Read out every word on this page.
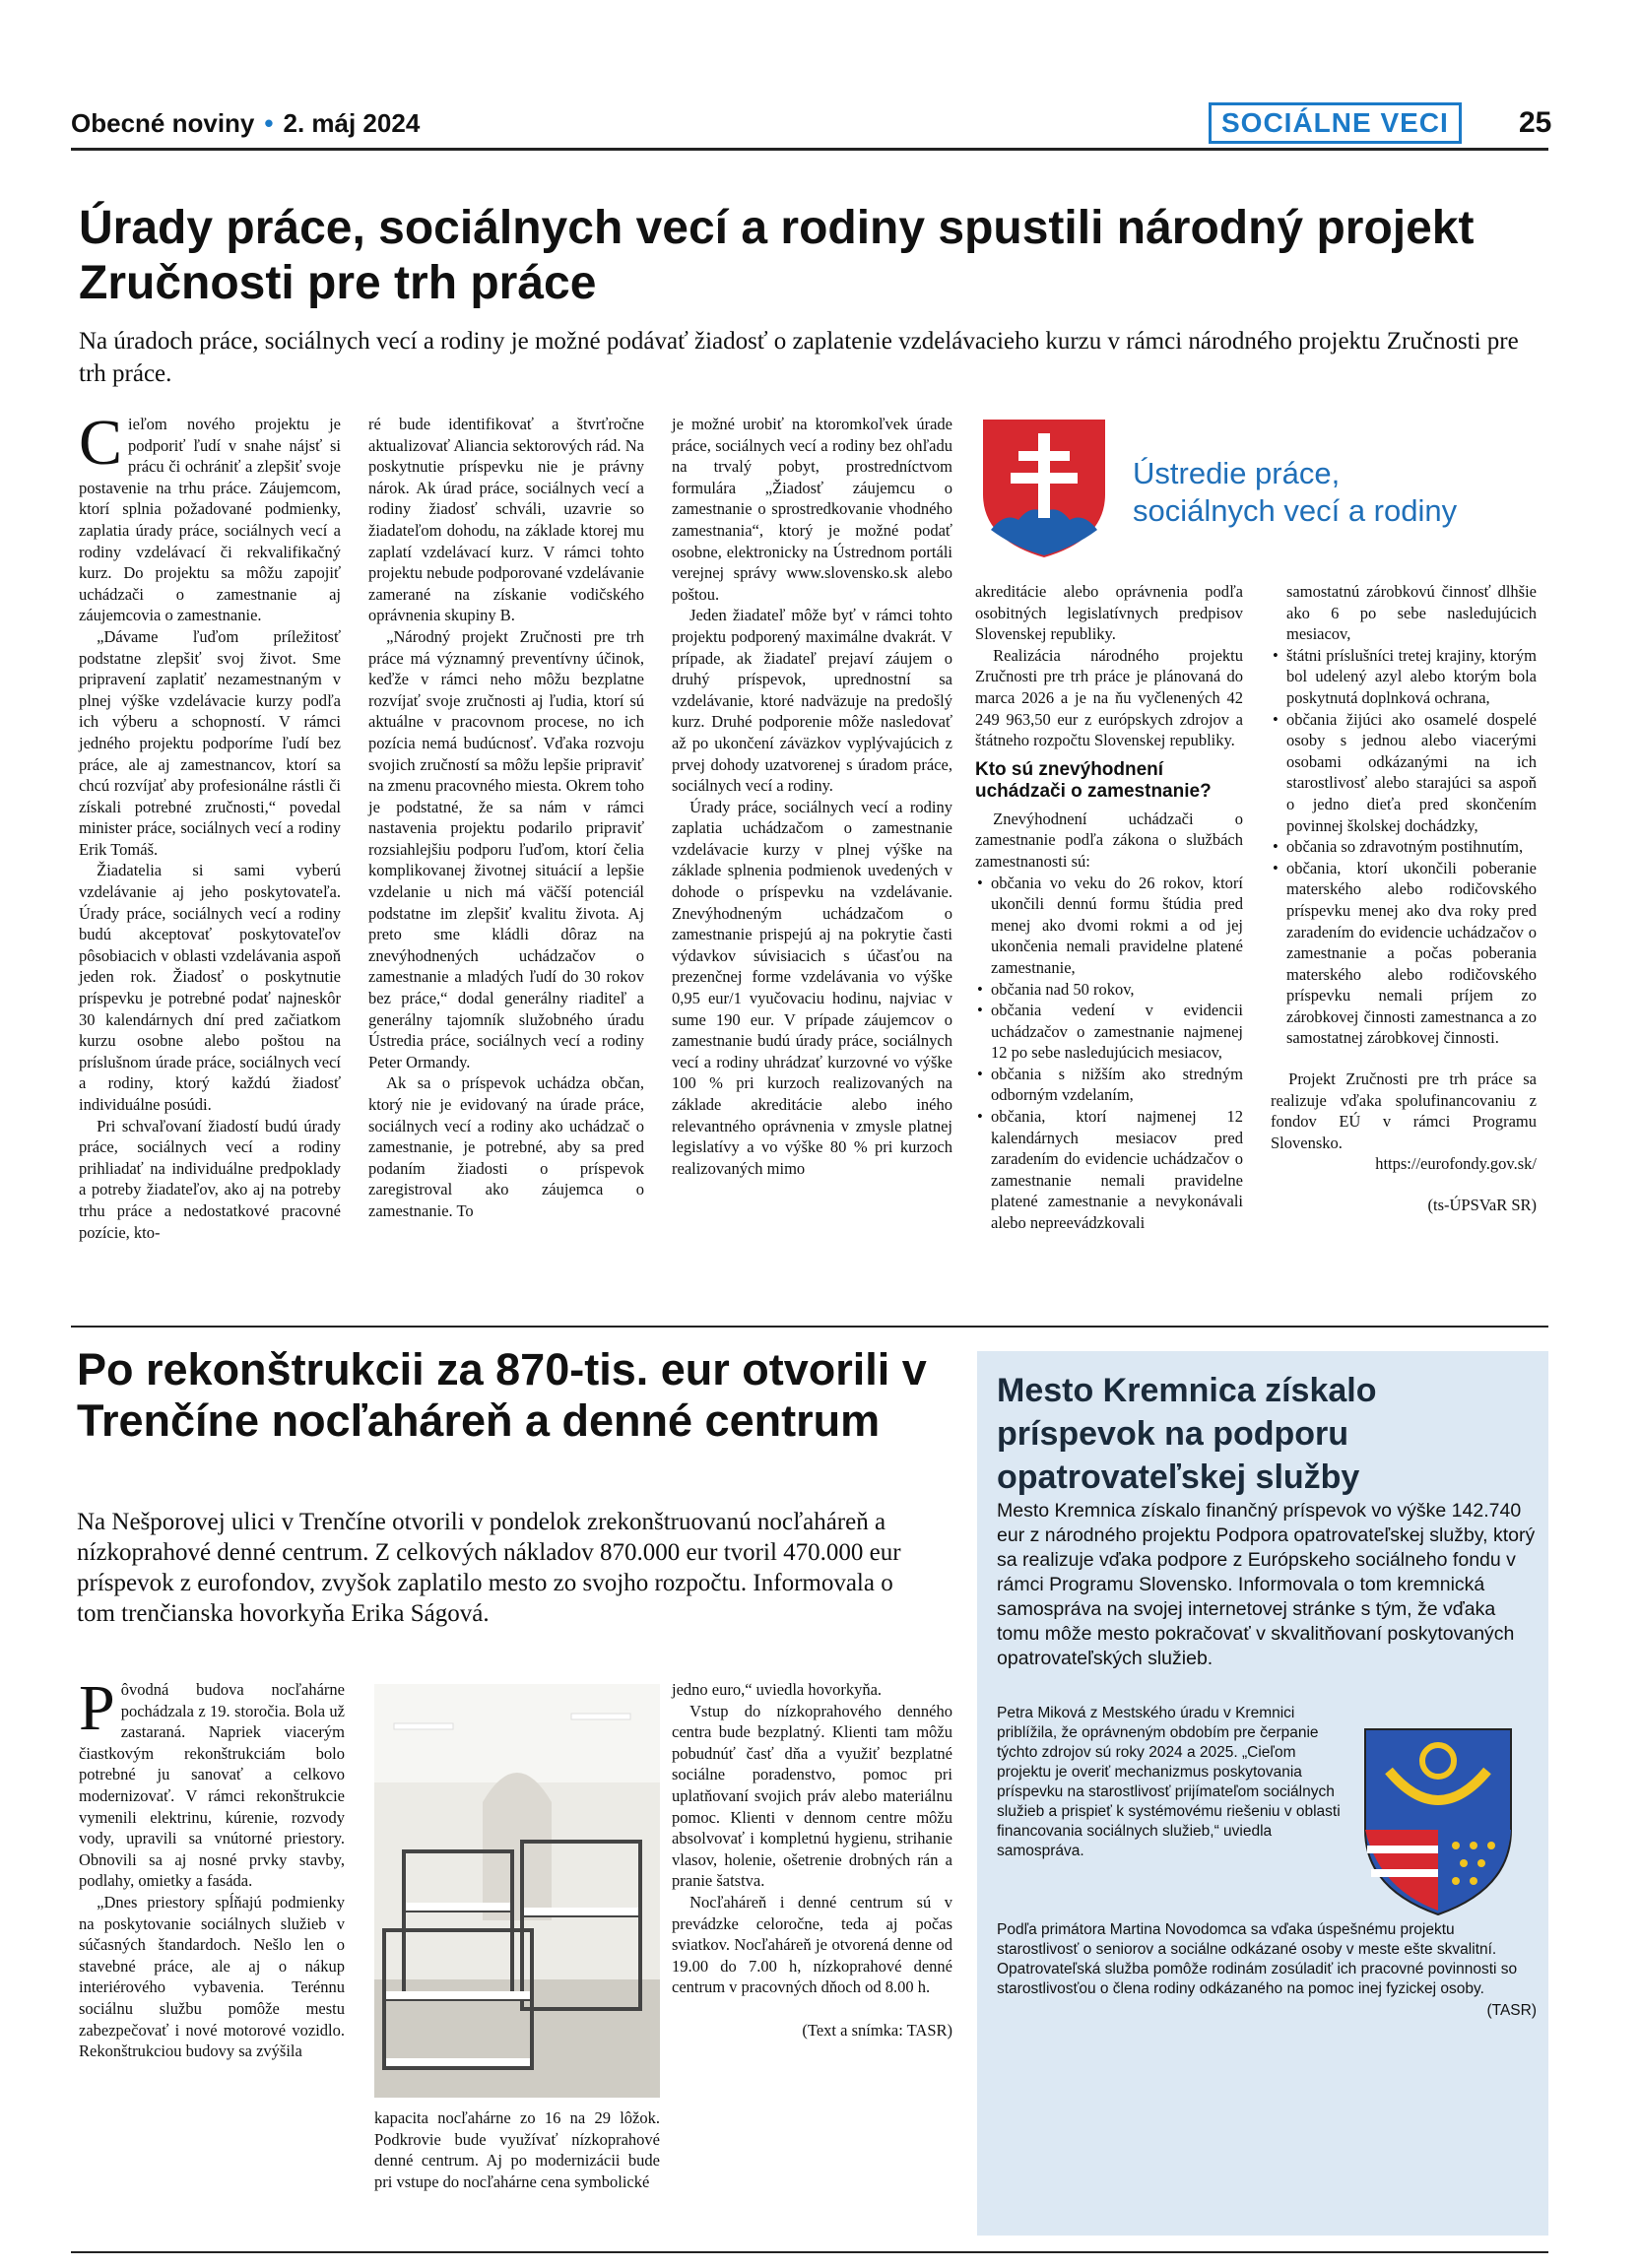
Obecné noviny • 2. máj 2024	SOCIÁLNE VECI	25
Úrady práce, sociálnych vecí a rodiny spustili národný projekt Zručnosti pre trh práce
Na úradoch práce, sociálnych vecí a rodiny je možné podávať žiadosť o zaplatenie vzdelávacieho kurzu v rámci národného projektu Zručnosti pre trh práce.

Cieľom nového projektu je podporiť ľudí v snahe nájsť si prácu či ochrániť a zlepšiť svoje postavenie na trhu práce. Záujemcom, ktorí splnia požadované podmienky, zaplatia úrady práce, sociálnych vecí a rodiny vzdelávací či rekvalifikačný kurz. Do projektu sa môžu zapojiť uchádzači o zamestnanie aj záujemcovia o zamestnanie.

„Dávame ľuďom príležitosť podstatne zlepšiť svoj život. Sme pripravení zaplatiť nezamestnaným v plnej výške vzdelávacie kurzy podľa ich výberu a schopností. V rámci jedného projektu podporíme ľudí bez práce, ale aj zamestnancov, ktorí sa chcú rozvíjať aby profesionálne rástli či získali potrebné zručnosti,“ povedal minister práce, sociálnych vecí a rodiny Erik Tomáš.

Žiadatelia si sami vyberú vzdelávanie aj jeho poskytovateľa. Úrady práce, sociálnych vecí a rodiny budú akceptovať poskytovateľov pôsobiacich v oblasti vzdelávania aspoň jeden rok. Žiadosť o poskytnutie príspevku je potrebné podať najneskôr 30 kalendárnych dní pred začiatkom kurzu osobne alebo poštou na príslušnom úrade práce, sociálnych vecí a rodiny, ktorý každú žiadosť individuálne posúdi.

Pri schvaľovaní žiadostí budú úrady práce, sociálnych vecí a rodiny prihliadať na individuálne predpoklady a potreby žiadateľov, ako aj na potreby trhu práce a nedostatkové pracovné pozície, kto-

ré bude identifikovať a štvrťročne aktualizovať Aliancia sektorových rád. Na poskytnutie príspevku nie je právny nárok. Ak úrad práce, sociálnych vecí a rodiny žiadosť schváli, uzavrie so žiadateľom dohodu, na základe ktorej mu zaplatí vzdelávací kurz. V rámci tohto projektu nebude podporované vzdelávanie zamerané na získanie vodičského oprávnenia skupiny B.

„Národný projekt Zručnosti pre trh práce má významný preventívny účinok, keďže v rámci neho môžu bezplatne rozvíjať svoje zručnosti aj ľudia, ktorí sú aktuálne v pracovnom procese, no ich pozícia nemá budúcnosť. Vďaka rozvoju svojich zručností sa môžu lepšie pripraviť na zmenu pracovného miesta. Okrem toho je podstatné, že sa nám v rámci nastavenia projektu podarilo pripraviť rozsiahlejšiu podporu ľuďom, ktorí čelia komplikovanej životnej situácií a lepšie vzdelanie u nich má väčší potenciál podstatne im zlepšiť kvalitu života. Aj preto sme kládli dôraz na znevýhodnených uchádzačov o zamestnanie a mladých ľudí do 30 rokov bez práce,“ dodal generálny riaditeľ a generálny tajomník služobného úradu Ústredia práce, sociálnych vecí a rodiny Peter Ormandy.

Ak sa o príspevok uchádza občan, ktorý nie je evidovaný na úrade práce, sociálnych vecí a rodiny ako uchádzač o zamestnanie, je potrebné, aby sa pred podaním žiadosti o príspevok zaregistroval ako záujemca o zamestnanie. To

je možné urobiť na ktoromkoľvek úrade práce, sociálnych vecí a rodiny bez ohľadu na trvalý pobyt, prostredníctvom formulára „Žiadosť záujemcu o zamestnanie o sprostredkovanie vhodného zamestnania“, ktorý je možné podať osobne, elektronicky na Ústrednom portáli verejnej správy www.slovensko.sk alebo poštou.

Jeden žiadateľ môže byť v rámci tohto projektu podporený maximálne dvakrát. V prípade, ak žiadateľ prejaví záujem o druhý príspevok, uprednostní sa vzdelávanie, ktoré nadväzuje na predošlý kurz. Druhé podporenie môže nasledovať až po ukončení záväzkov vyplývajúcich z prvej dohody uzatvorenej s úradom práce, sociálnych vecí a rodiny.

Úrady práce, sociálnych vecí a rodiny zaplatia uchádzačom o zamestnanie vzdelávacie kurzy v plnej výške na základe splnenia podmienok uvedených v dohode o príspevku na vzdelávanie. Znevýhodneným uchádzačom o zamestnanie prispejú aj na pokrytie časti výdavkov súvisiacich s účasťou na prezenčnej forme vzdelávania vo výške 0,95 eur/1 vyučovaciu hodinu, najviac v sume 190 eur. V prípade záujemcov o zamestnanie budú úrady práce, sociálnych vecí a rodiny uhrádzať kurzovné vo výške 100 % pri kurzoch realizovaných na základe akreditácie alebo iného relevantného oprávnenia v zmysle platnej legislatívy a vo výške 80 % pri kurzoch realizovaných mimo

Ústredie práce,
sociálnych vecí a rodiny

akreditácie alebo oprávnenia podľa osobitných legislatívnych predpisov Slovenskej republiky.

Realizácia národného projektu Zručnosti pre trh práce je plánovaná do marca 2026 a je na ňu vyčlenených 42 249 963,50 eur z európskych zdrojov a štátneho rozpočtu Slovenskej republiky.

Kto sú znevýhodnení uchádzači o zamestnanie?

Znevýhodnení uchádzači o zamestnanie podľa zákona o službách zamestnanosti sú:

• občania vo veku do 26 rokov, ktorí ukončili dennú formu štúdia pred menej ako dvomi rokmi a od jej ukončenia nemali pravidelne platené zamestnanie,
• občania nad 50 rokov,
• občania vedení v evidencii uchádzačov o zamestnanie najmenej 12 po sebe nasledujúcich mesiacov,
• občania s nižším ako stredným odborným vzdelaním,
• občania, ktorí najmenej 12 kalendárnych mesiacov pred zaradením do evidencie uchádzačov o zamestnanie nemali pravidelne platené zamestnanie a nevykonávali alebo nepreevádzkovali

samostatnú zárobkovú činnosť dlhšie ako 6 po sebe nasledujúcich mesiacov,

• štátni príslušníci tretej krajiny, ktorým bol udelený azyl alebo ktorým bola poskytnutá doplnková ochrana,
• občania žijúci ako osamelé dospelé osoby s jednou alebo viacerými osobami odkázanými na ich starostlivosť alebo starajúci sa aspoň o jedno dieťa pred skončením povinnej školskej dochádzky,
• občania so zdravotným postihnutím,
• občania, ktorí ukončili poberanie materského alebo rodičovského príspevku menej ako dva roky pred zaradením do evidencie uchádzačov o zamestnanie a počas poberania materského alebo rodičovského príspevku nemali príjem zo zárobkovej činnosti zamestnanca a zo samostatnej zárobkovej činnosti.

Projekt Zručnosti pre trh práce sa realizuje vďaka spolufinancovaniu z fondov EÚ v rámci Programu Slovensko.

https://eurofondy.gov.sk/

(ts-ÚPSVaR SR)

Po rekonštrukcii za 870-tis. eur otvorili v Trenčíne nocľaháreň a denné centrum
Na Nešporovej ulici v Trenčíne otvorili v pondelok zrekonštruovanú nocľaháreň a nízkoprahové denné centrum. Z celkových nákladov 870.000 eur tvoril 470.000 eur príspevok z eurofondov, zvyšok zaplatilo mesto zo svojho rozpočtu. Informovala o tom trenčianska hovorkyňa Erika Ságová.

Pôvodná budova nocľahárne pochádzala z 19. storočia. Bola už zastaraná. Napriek viacerým čiastkovým rekonštrukciám bolo potrebné ju sanovať a celkovo modernizovať. V rámci rekonštrukcie vymenili elektrinu, kúrenie, rozvody vody, upravili sa vnútorné priestory. Obnovili sa aj nosné prvky stavby, podlahy, omietky a fasáda.

„Dnes priestory spĺňajú podmienky na poskytovanie sociálnych služieb v súčasných štandardoch. Nešlo len o stavebné práce, ale aj o nákup interiérového vybavenia. Terénnu sociálnu službu pomôže mestu zabezpečovať i nové motorové vozidlo. Rekonštrukciou budovy sa zvýšila

kapacita nocľahárne zo 16 na 29 lôžok. Podkrovie bude využívať nízkoprahové denné centrum. Aj po modernizácii bude pri vstupe do nocľahárne cena symbolické

jedno euro,“ uviedla hovorkyňa.

Vstup do nízkoprahového denného centra bude bezplatný. Klienti tam môžu pobudnúť časť dňa a využiť bezplatné sociálne poradenstvo, pomoc pri uplatňovaní svojich práv alebo materiálnu pomoc. Klienti v dennom centre môžu absolvovať i kompletnú hygienu, strihanie vlasov, holenie, ošetrenie drobných rán a pranie šatstva.

Nocľaháreň i denné centrum sú v prevádzke celoročne, teda aj počas sviatkov. Nocľaháreň je otvorená denne od 19.00 do 7.00 h, nízkoprahové denné centrum v pracovných dňoch od 8.00 h.

(Text a snímka: TASR)

Mesto Kremnica získalo príspevok na podporu opatrovateľskej služby
Mesto Kremnica získalo finančný príspevok vo výške 142.740 eur z národného projektu Podpora opatrovateľskej služby, ktorý sa realizuje vďaka podpore z Európskeho sociálneho fondu v rámci Programu Slovensko. Informovala o tom kremnická samospráva na svojej internetovej stránke s tým, že vďaka tomu môže mesto pokračovať v skvalitňovaní poskytovaných opatrovateľských služieb.
Petra Miková z Mestského úradu v Kremnici priblížila, že oprávneným obdobím pre čerpanie týchto zdrojov sú roky 2024 a 2025. „Cieľom projektu je overiť mechanizmus poskytovania príspevku na starostlivosť prijímateľom sociálnych služieb a prispieť k systémovému riešeniu v oblasti financovania sociálnych služieb,“ uviedla samospráva.
Podľa primátora Martina Novodomca sa vďaka úspešnému projektu starostlivosť o seniorov a sociálne odkázané osoby v meste ešte skvalitní. Opatrovateľská služba pomôže rodinám zosúladiť ich pracovné povinnosti so starostlivosťou o člena rodiny odkázaného na pomoc inej fyzickej osoby.
(TASR)
